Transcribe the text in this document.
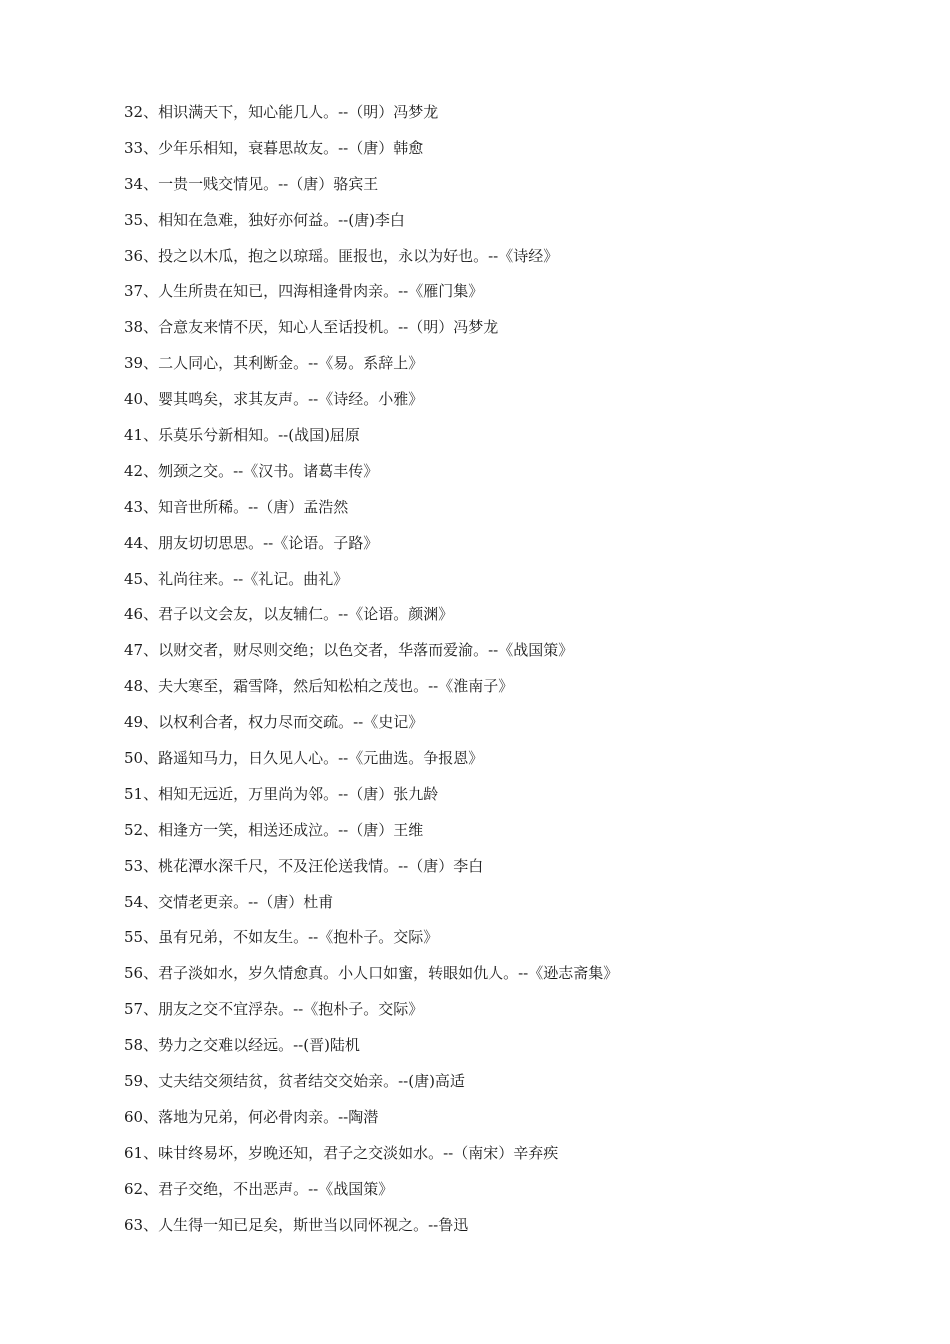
32、相识满天下，知心能几人。--（明）冯梦龙
33、少年乐相知，衰暮思故友。--（唐）韩愈
34、一贵一贱交情见。--（唐）骆宾王
35、相知在急难，独好亦何益。--(唐)李白
36、投之以木瓜，抱之以琼瑶。匪报也，永以为好也。--《诗经》
37、人生所贵在知已，四海相逢骨肉亲。--《雁门集》
38、合意友来情不厌，知心人至话投机。--（明）冯梦龙
39、二人同心，其利断金。--《易。系辞上》
40、婴其鸣矣，求其友声。--《诗经。小雅》
41、乐莫乐兮新相知。--(战国)屈原
42、刎颈之交。--《汉书。诸葛丰传》
43、知音世所稀。--（唐）孟浩然
44、朋友切切思思。--《论语。子路》
45、礼尚往来。--《礼记。曲礼》
46、君子以文会友，以友辅仁。--《论语。颜渊》
47、以财交者，财尽则交绝；以色交者，华落而爱渝。--《战国策》
48、夫大寒至，霜雪降，然后知松柏之茂也。--《淮南子》
49、以权利合者，权力尽而交疏。--《史记》
50、路遥知马力，日久见人心。--《元曲选。争报恩》
51、相知无远近，万里尚为邻。--（唐）张九龄
52、相逢方一笑，相送还成泣。--（唐）王维
53、桃花潭水深千尺，不及汪伦送我情。--（唐）李白
54、交情老更亲。--（唐）杜甫
55、虽有兄弟，不如友生。--《抱朴子。交际》
56、君子淡如水，岁久情愈真。小人口如蜜，转眼如仇人。--《逊志斋集》
57、朋友之交不宜浮杂。--《抱朴子。交际》
58、势力之交难以经远。--(晋)陆机
59、丈夫结交须结贫，贫者结交交始亲。--(唐)高适
60、落地为兄弟，何必骨肉亲。--陶潜
61、味甘终易坏，岁晚还知，君子之交淡如水。--（南宋）辛弃疾
62、君子交绝，不出恶声。--《战国策》
63、人生得一知已足矣，斯世当以同怀视之。--鲁迅
